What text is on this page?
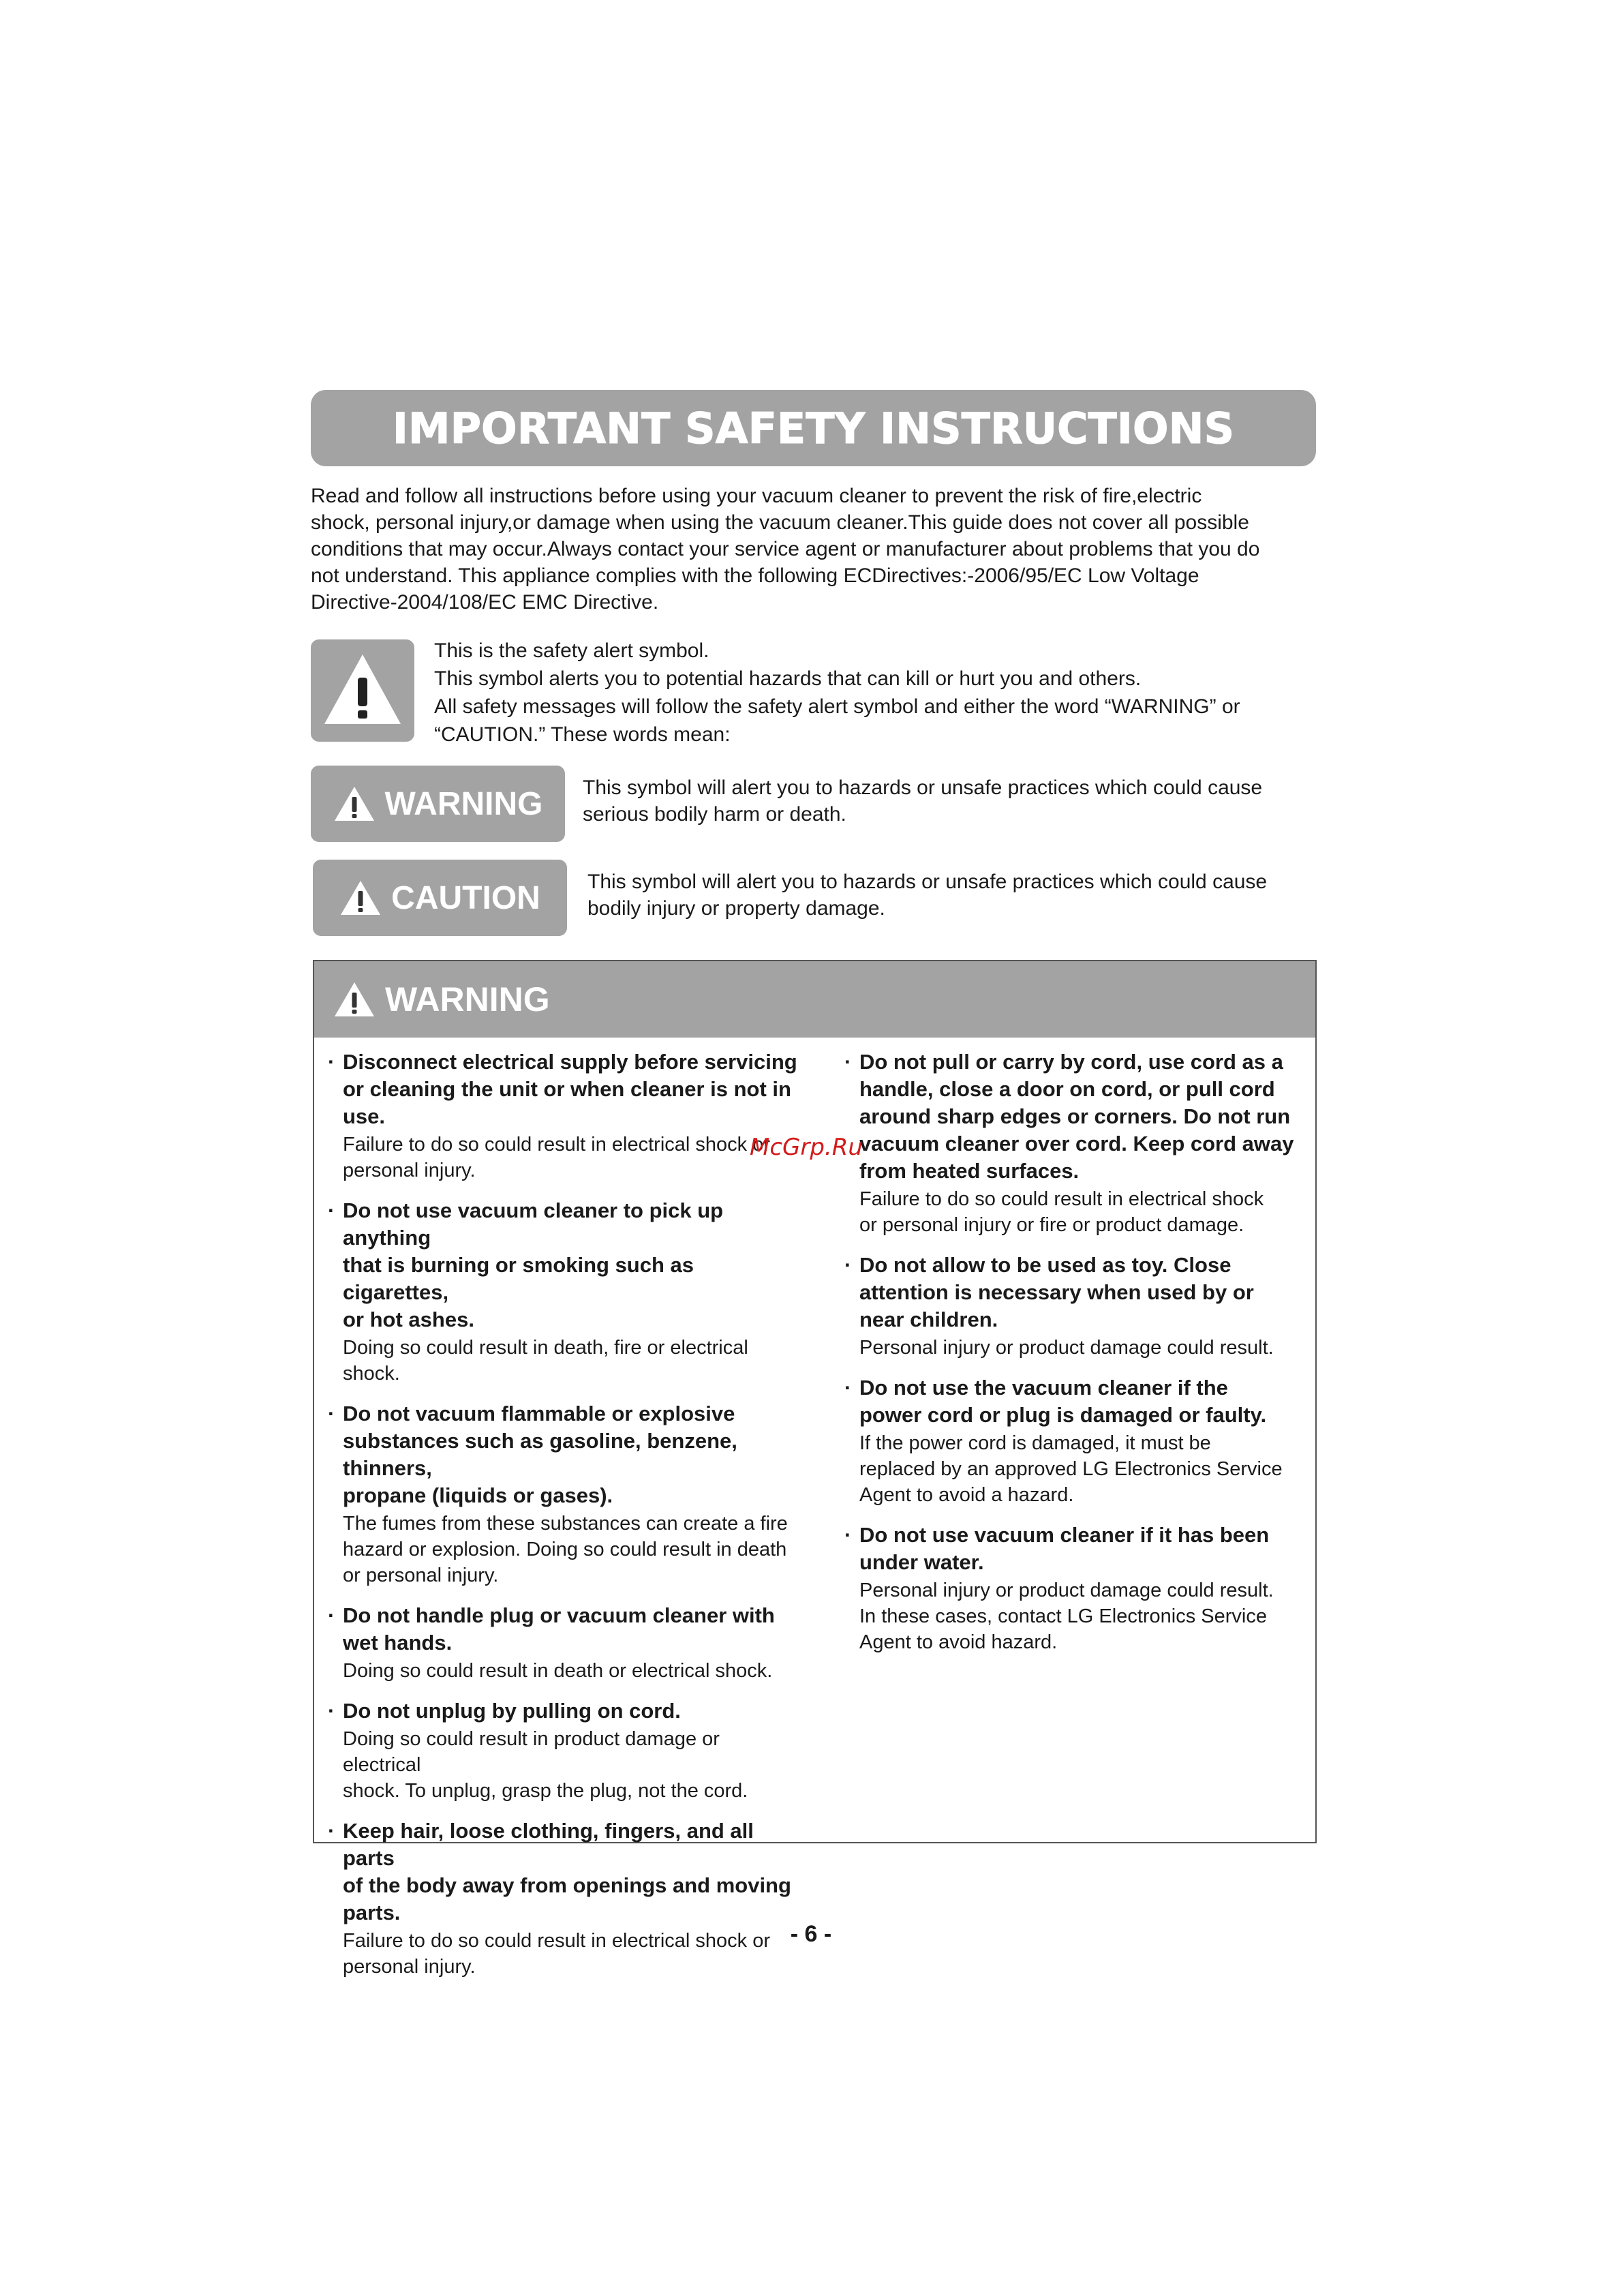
IMPORTANT SAFETY INSTRUCTIONS
Read and follow all instructions before using your vacuum cleaner to prevent the risk of fire,electric
shock, personal injury,or damage when using the vacuum cleaner.This guide does not cover all possible
conditions that may occur.Always contact your service agent or manufacturer about problems that you do
not understand. This appliance complies with the following ECDirectives:-2006/95/EC Low Voltage
Directive-2004/108/EC EMC Directive.
This is the safety alert symbol.
This symbol alerts you to potential hazards that can kill or hurt you and others.
All safety messages will follow the safety alert symbol and either the word “WARNING” or
“CAUTION.” These words mean:
WARNING This symbol will alert you to hazards or unsafe practices which could cause
serious bodily harm or death.
CAUTION This symbol will alert you to hazards or unsafe practices which could cause
bodily injury or property damage.
WARNING
· Disconnect electrical supply before servicing
or cleaning the unit or when cleaner is not in
use.
Failure to do so could result in electrical shock or
personal injury.
· Do not use vacuum cleaner to pick up anything
that is burning or smoking such as cigarettes,
or hot ashes.
Doing so could result in death, fire or electrical shock.
· Do not vacuum flammable or explosive
substances such as gasoline, benzene, thinners,
propane (liquids or gases).
The fumes from these substances can create a fire
hazard or explosion. Doing so could result in death
or personal injury.
· Do not handle plug or vacuum cleaner with
wet hands.
Doing so could result in death or electrical shock.
· Do not unplug by pulling on cord.
Doing so could result in product damage or electrical
shock. To unplug, grasp the plug, not the cord.
· Keep hair, loose clothing, fingers, and all parts
of the body away from openings and moving
parts.
Failure to do so could result in electrical shock or
personal injury.
· Do not pull or carry by cord, use cord as a
handle, close a door on cord, or pull cord
around sharp edges or corners. Do not run
vacuum cleaner over cord. Keep cord away
from heated surfaces.
Failure to do so could result in electrical shock
or personal injury or fire or product damage.
· Do not allow to be used as toy. Close
attention is necessary when used by or
near children.
Personal injury or product damage could result.
· Do not use the vacuum cleaner if the
power cord or plug is damaged or faulty.
If the power cord is damaged, it must be
replaced by an approved LG Electronics Service
Agent to avoid a hazard.
· Do not use vacuum cleaner if it has been
under water.
Personal injury or product damage could result.
In these cases, contact LG Electronics Service
Agent to avoid hazard.
McGrp.Ru
- 6 -
